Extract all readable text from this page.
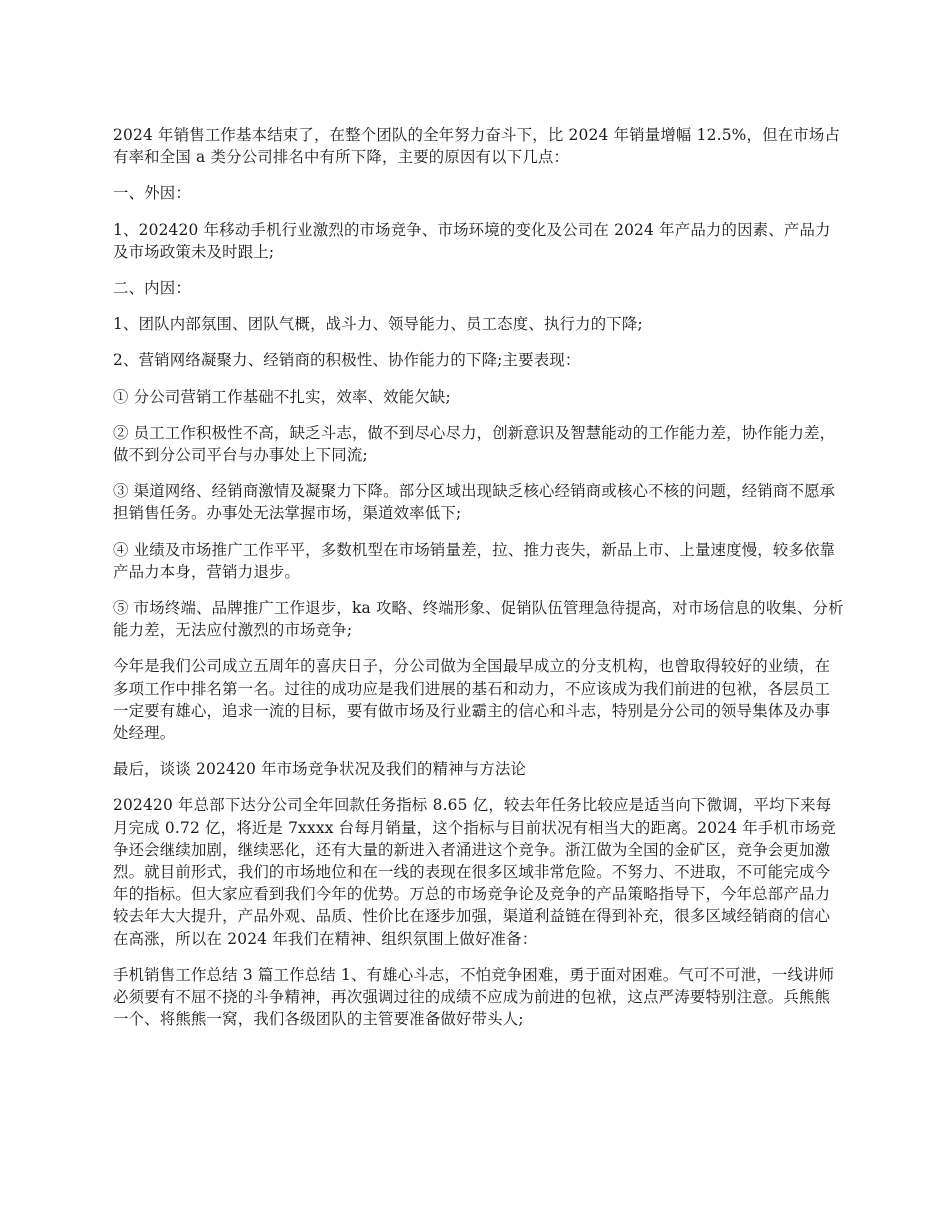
2024 年销售工作基本结束了，在整个团队的全年努力奋斗下，比 2024 年销量增幅 12.5%，但在市场占有率和全国 a 类分公司排名中有所下降，主要的原因有以下几点：

一、外因：

1、202420 年移动手机行业激烈的市场竞争、市场环境的变化及公司在 2024 年产品力的因素、产品力及市场政策未及时跟上;

二、内因：

1、团队内部氛围、团队气概，战斗力、领导能力、员工态度、执行力的下降;

2、营销网络凝聚力、经销商的积极性、协作能力的下降;主要表现：

① 分公司营销工作基础不扎实，效率、效能欠缺;

② 员工工作积极性不高，缺乏斗志，做不到尽心尽力，创新意识及智慧能动的工作能力差，协作能力差，做不到分公司平台与办事处上下同流;

③ 渠道网络、经销商激情及凝聚力下降。部分区域出现缺乏核心经销商或核心不核的问题，经销商不愿承担销售任务。办事处无法掌握市场，渠道效率低下;

④ 业绩及市场推广工作平平，多数机型在市场销量差，拉、推力丧失，新品上市、上量速度慢，较多依靠产品力本身，营销力退步。

⑤ 市场终端、品牌推广工作退步，ka 攻略、终端形象、促销队伍管理急待提高，对市场信息的收集、分析能力差，无法应付激烈的市场竞争;

今年是我们公司成立五周年的喜庆日子，分公司做为全国最早成立的分支机构，也曾取得较好的业绩，在多项工作中排名第一名。过往的成功应是我们进展的基石和动力，不应该成为我们前进的包袱，各层员工一定要有雄心，追求一流的目标，要有做市场及行业霸主的信心和斗志，特别是分公司的领导集体及办事处经理。

最后，谈谈 202420 年市场竞争状况及我们的精神与方法论

202420 年总部下达分公司全年回款任务指标 8.65 亿，较去年任务比较应是适当向下微调，平均下来每月完成 0.72 亿，将近是 7xxxx 台每月销量，这个指标与目前状况有相当大的距离。2024 年手机市场竞争还会继续加剧，继续恶化，还有大量的新进入者涌进这个竞争。浙江做为全国的金矿区，竞争会更加激烈。就目前形式，我们的市场地位和在一线的表现在很多区域非常危险。不努力、不进取，不可能完成今年的指标。但大家应看到我们今年的优势。万总的市场竞争论及竞争的产品策略指导下，今年总部产品力较去年大大提升，产品外观、品质、性价比在逐步加强，渠道利益链在得到补充，很多区域经销商的信心在高涨，所以在 2024 年我们在精神、组织氛围上做好准备：

手机销售工作总结 3 篇工作总结 1、有雄心斗志，不怕竞争困难，勇于面对困难。气可不可泄，一线讲师必须要有不屈不挠的斗争精神，再次强调过往的成绩不应成为前进的包袱，这点严涛要特别注意。兵熊熊一个、将熊熊一窝，我们各级团队的主管要准备做好带头人;
